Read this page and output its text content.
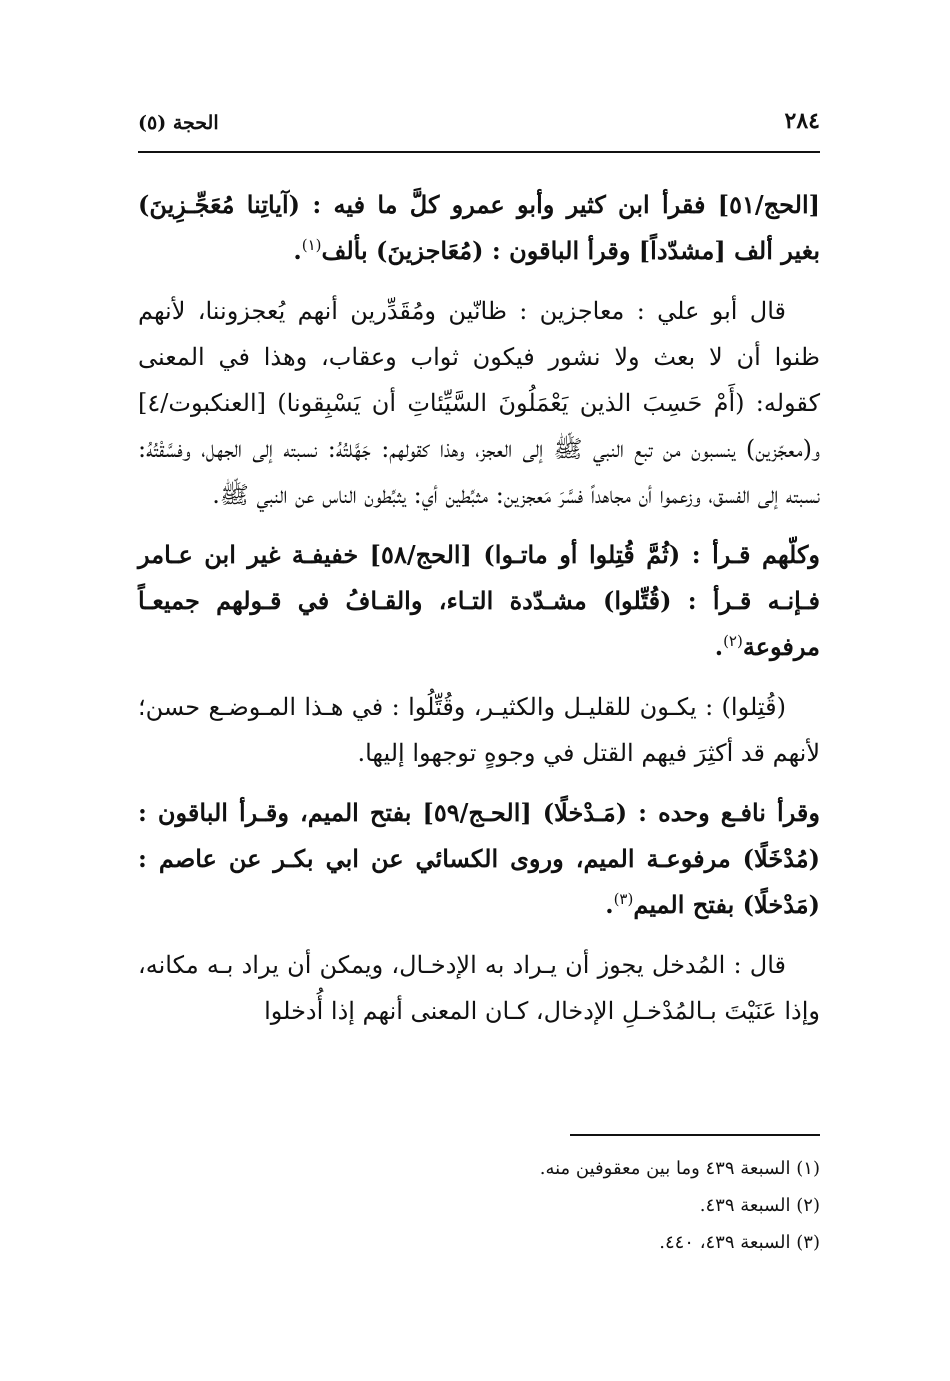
٢٨٤
الحجة (٥)

[الحج/٥١] فقرأ ابن كثير وأبو عمرو كلَّ ما فيه : (آياتِنا مُعَجِّـزِينَ) بغير ألف [مشدّداً] وقرأ الباقون : (مُعَاجزينَ) بألف$^{(١)}$.

قال أبو علي : معاجزين : ظانّين ومُقَدِّرين أنهم يُعجزوننا، لأنهم ظنوا أن لا بعث ولا نشور فيكون ثواب وعقاب، وهذا في المعنى كقوله: (أَمْ حَسِبَ الذين يَعْمَلُونَ السَّيِّئاتِ أن يَسْبِقونا) [العنكبوت/٤] و(معجّزين) ينسبون من تبع النبي ﷺ إلى العجز، وهذا كقولهم: جَهَّلتُهُ: نسبته إلى الجهل، وفسَّقْتُهُ: نسبته إلى الفسق، وزعموا أن مجاهداً فسَّرَ مَعجزين: مثبِّطين أي: يثبِّطون الناس عن النبي ﷺ.

وكلّهم قـرأ : (ثُمَّ قُتِلوا أو ماتـوا) [الحج/٥٨] خفيفـة غير ابن عـامر فـإنـه قـرأ : (قُتِّلوا) مشـدّدة التـاء، والقـافُ في قـولهم جميعـاً مرفوعة$^{(٢)}$.

(قُتِلوا) : يكـون للقليـل والكثيـر، وقُتِّلُوا : في هـذا المـوضـع حسن؛ لأنهم قد أكثِرَ فيهم القتل في وجوهٍ توجهوا إليها.

وقرأ نافـع وحده : (مَـدْخلًا) [الحـج/٥٩] بفتح الميم، وقـرأ الباقون : (مُدْخَلًا) مرفوعـة الميم، وروى الكسائي عن ابي بكـر عن عاصم : (مَدْخلًا) بفتح الميم$^{(٣)}$.

قال : المُدخل يجوز أن يـراد به الإدخـال، ويمكن أن يراد بـه مكانه، وإذا عَنَيْتَ بـالمُدْخـلِ الإدخال، كـان المعنى أنهم إذا أُدخلوا

(١) السبعة ٤٣٩ وما بين معقوفين منه.

(٢) السبعة ٤٣٩.

(٣) السبعة ٤٣٩، ٤٤٠.
